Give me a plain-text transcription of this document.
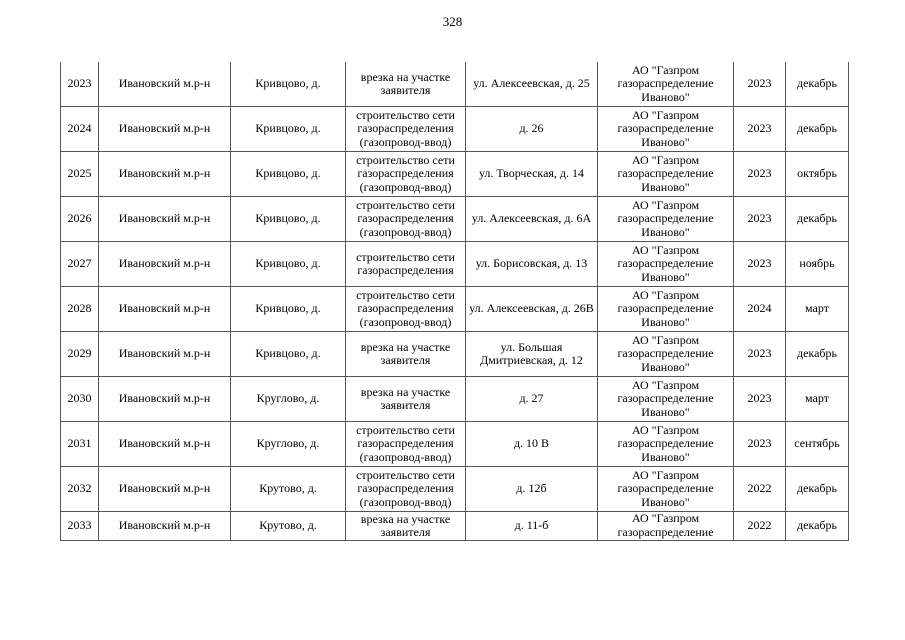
328
2023	Ивановский м.р-н	Кривцово, д.	врезка на участке заявителя	ул. Алексеевская, д. 25	АО "Газпром
газораспределение
Иваново"	2023	декабрь
2024	Ивановский м.р-н	Кривцово, д.	строительство сети газораспределения (газопровод-ввод)	д. 26	АО "Газпром
газораспределение
Иваново"	2023	декабрь
2025	Ивановский м.р-н	Кривцово, д.	строительство сети газораспределения (газопровод-ввод)	ул. Творческая, д. 14	АО "Газпром
газораспределение
Иваново"	2023	октябрь
2026	Ивановский м.р-н	Кривцово, д.	строительство сети газораспределения (газопровод-ввод)	ул. Алексеевская, д. 6А	АО "Газпром
газораспределение
Иваново"	2023	декабрь
2027	Ивановский м.р-н	Кривцово, д.	строительство сети газораспределения	ул. Борисовская, д. 13	АО "Газпром
газораспределение
Иваново"	2023	ноябрь
2028	Ивановский м.р-н	Кривцово, д.	строительство сети газораспределения (газопровод-ввод)	ул. Алексеевская, д. 26В	АО "Газпром
газораспределение
Иваново"	2024	март
2029	Ивановский м.р-н	Кривцово, д.	врезка на участке заявителя	ул. Большая Дмитриевская, д. 12	АО "Газпром
газораспределение
Иваново"	2023	декабрь
2030	Ивановский м.р-н	Круглово, д.	врезка на участке заявителя	д. 27	АО "Газпром
газораспределение
Иваново"	2023	март
2031	Ивановский м.р-н	Круглово, д.	строительство сети газораспределения (газопровод-ввод)	д. 10 В	АО "Газпром
газораспределение
Иваново"	2023	сентябрь
2032	Ивановский м.р-н	Крутово, д.	строительство сети газораспределения (газопровод-ввод)	д. 12б	АО "Газпром
газораспределение
Иваново"	2022	декабрь
2033	Ивановский м.р-н	Крутово, д.	врезка на участке заявителя	д. 11-б	АО "Газпром
газораспределение	2022	декабрь
